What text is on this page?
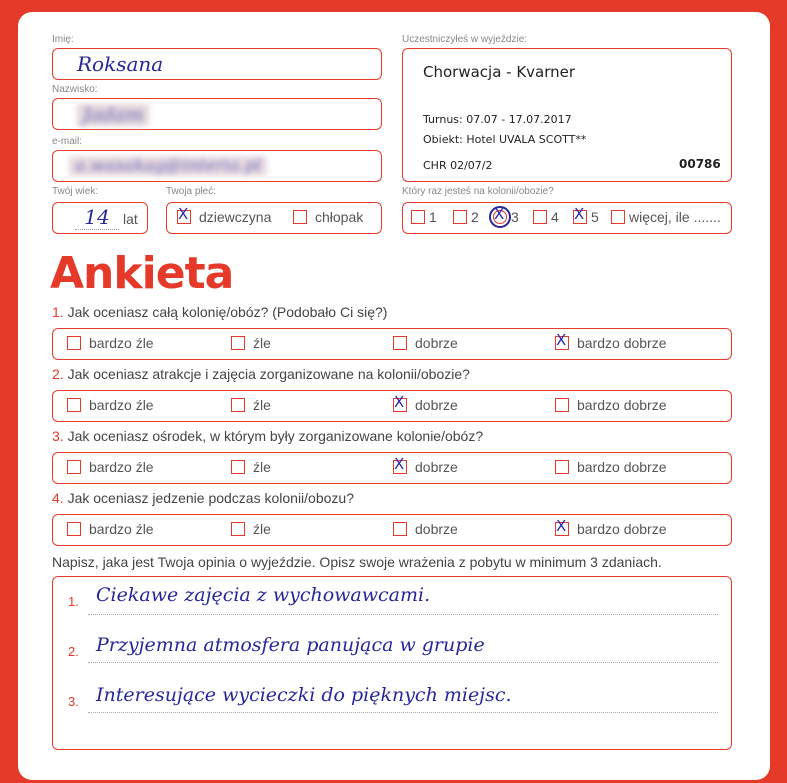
Imię:
Roksana
Nazwisko:
Jadam
e-mail:
a.wasakag@interia.pl
Twój wiek:
14 lat
Twoja płeć:
X dziewczyna	chłopak
Uczestniczyłeś w wyjeździe:
Chorwacja - Kvarner
Turnus: 07.07 - 17.07.2017
Obiekt: Hotel UVALA SCOTT**
CHR 02/07/2	00786
Który raz jesteś na kolonii/obozie?
1 2 X 3 4 X 5 więcej, ile .......
Ankieta
1. Jak oceniasz całą kolonię/obóz? (Podobało Ci się?)
bardzo źle	źle	dobrze	X bardzo dobrze
2. Jak oceniasz atrakcje i zajęcia zorganizowane na kolonii/obozie?
bardzo źle	źle	X dobrze	bardzo dobrze
3. Jak oceniasz ośrodek, w którym były zorganizowane kolonie/obóz?
bardzo źle	źle	X dobrze	bardzo dobrze
4. Jak oceniasz jedzenie podczas kolonii/obozu?
bardzo źle	źle	dobrze	X bardzo dobrze
Napisz, jaka jest Twoja opinia o wyjeździe. Opisz swoje wrażenia z pobytu w minimum 3 zdaniach.
1.
2.
3.
Ciekawe zajęcia z wychowawcami.
Przyjemna atmosfera panująca w grupie
Interesujące wycieczki do pięknych miejsc.
